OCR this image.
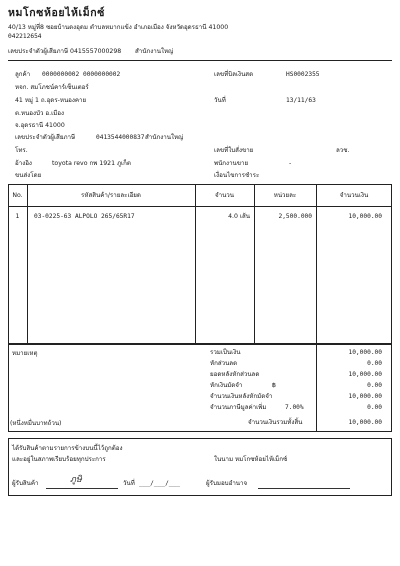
หมโกซห้อยไห้เม็กซ์
40/13 หมู่ที่8 ซอยบ้านดงอุดม ตำบลหมากแข้ง อำเภอเมือง จังหวัดอุดรธานี 41000
042212654
เลขประจำตัวผู้เสียภาษี 0415557000298 สำนักงานใหญ่
ลูกค้า 0000000002 0000000002
หจก. สมโภชน์คาร์เซ็นเตอร์
41 หมู่ 1 ถ.อุดร-หนองคาย
ต.หนองบัว อ.เมือง
จ.อุดรธานี 41000
เลขประจำตัวผู้เสียภาษี	0413544000837 สำนักงานใหญ่
โทร.
อ้างอิง	toyota revo กพ 1921 ภูเก็ต
ขนส่งโดย
เลขที่บิลเงินสด	HS0002355
วันที่	13/11/63
เลขที่ใบสั่งขาย	ลวช.
พนักงานขาย	-
เงื่อนไขการชำระ
No.	รหัสสินค้า/รายละเอียด	จำนวน	หน่วยละ	จำนวนเงิน
1	03-0225-63 ALPOLO 265/65R17	4.0 เส้น	2,500.000	10,000.00
หมายเหตุ
(หนึ่งหมื่นบาทถ้วน)
รวมเป็นเงิน	10,000.00
หักส่วนลด	0.00
ยอดหลังหักส่วนลด	10,000.00
หักเงินมัดจำ	฿	0.00
จำนวนเงินหลังหักมัดจำ	10,000.00
จำนวนภาษีมูลค่าเพิ่ม	7.00%	0.00
จำนวนเงินรวมทั้งสิ้น	10,000.00
ได้รับสินค้าตามรายการข้างบนนี้ไว้ถูกต้อง
และอยู่ในสภาพเรียบร้อยทุกประการ	ในนาม หมโกซห้อยไห้เม็กซ์
ผู้รับสินค้า	ภูษิ	วันที่ ___/___/___	ผู้รับมอบอำนาจ
